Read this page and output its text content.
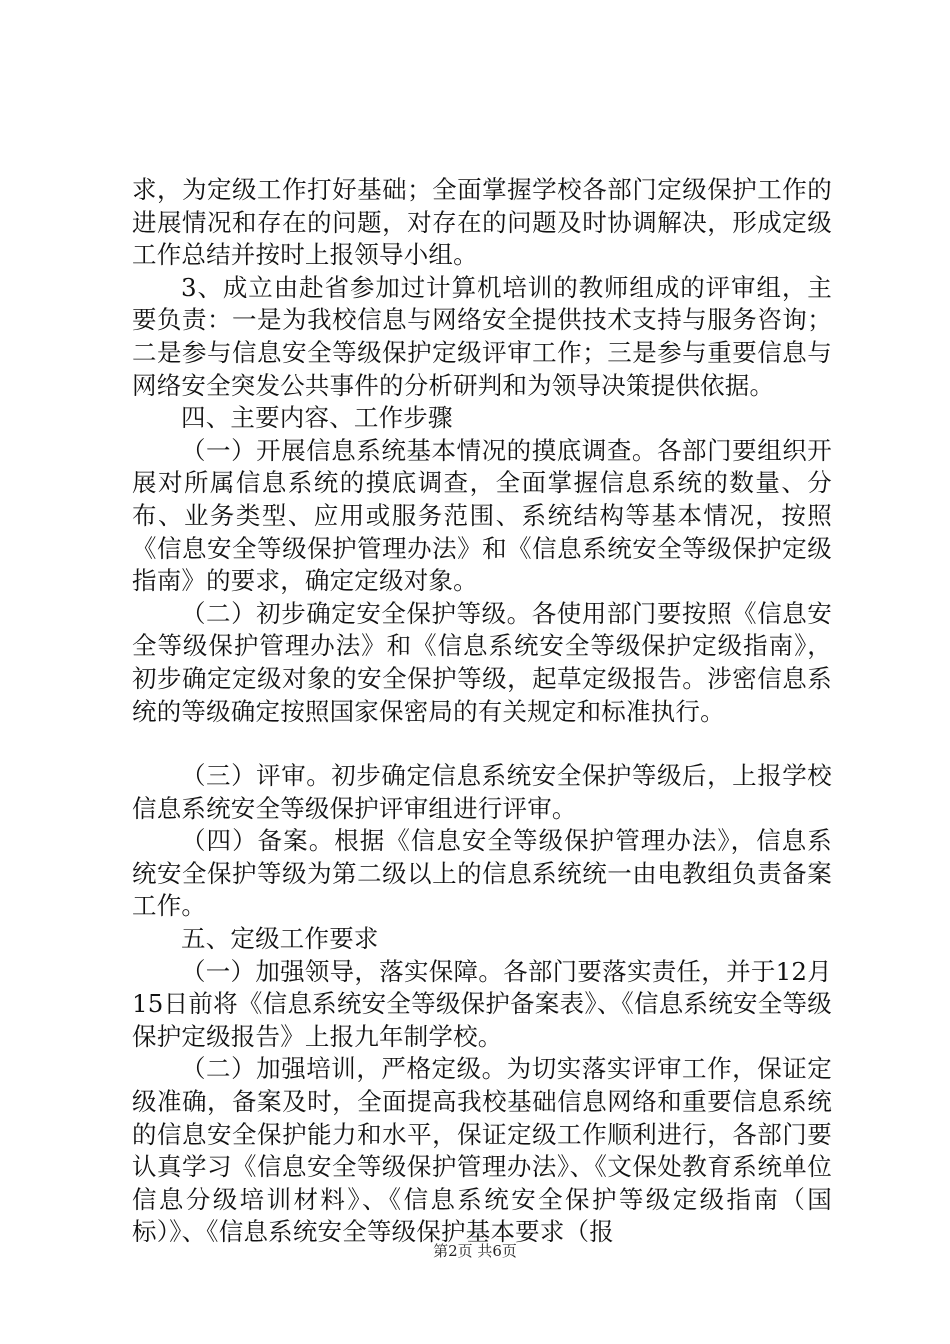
求，为定级工作打好基础；全面掌握学校各部门定级保护工作的进展情况和存在的问题，对存在的问题及时协调解决，形成定级工作总结并按时上报领导小组。

3、成立由赴省参加过计算机培训的教师组成的评审组，主要负责：一是为我校信息与网络安全提供技术支持与服务咨询；二是参与信息安全等级保护定级评审工作；三是参与重要信息与网络安全突发公共事件的分析研判和为领导决策提供依据。

四、主要内容、工作步骤

（一）开展信息系统基本情况的摸底调查。各部门要组织开展对所属信息系统的摸底调查，全面掌握信息系统的数量、分布、业务类型、应用或服务范围、系统结构等基本情况，按照《信息安全等级保护管理办法》和《信息系统安全等级保护定级指南》的要求，确定定级对象。

（二）初步确定安全保护等级。各使用部门要按照《信息安全等级保护管理办法》和《信息系统安全等级保护定级指南》，初步确定定级对象的安全保护等级，起草定级报告。涉密信息系统的等级确定按照国家保密局的有关规定和标准执行。

（三）评审。初步确定信息系统安全保护等级后，上报学校信息系统安全等级保护评审组进行评审。

（四）备案。根据《信息安全等级保护管理办法》，信息系统安全保护等级为第二级以上的信息系统统一由电教组负责备案工作。

五、定级工作要求

（一）加强领导，落实保障。各部门要落实责任，并于12月15日前将《信息系统安全等级保护备案表》、《信息系统安全等级保护定级报告》上报九年制学校。

（二）加强培训，严格定级。为切实落实评审工作，保证定级准确，备案及时，全面提高我校基础信息网络和重要信息系统的信息安全保护能力和水平，保证定级工作顺利进行，各部门要认真学习《信息安全等级保护管理办法》、《文保处教育系统单位信息分级培训材料》、《信息系统安全保护等级定级指南（国标）》、《信息系统安全等级保护基本要求（报

第2页 共6页
